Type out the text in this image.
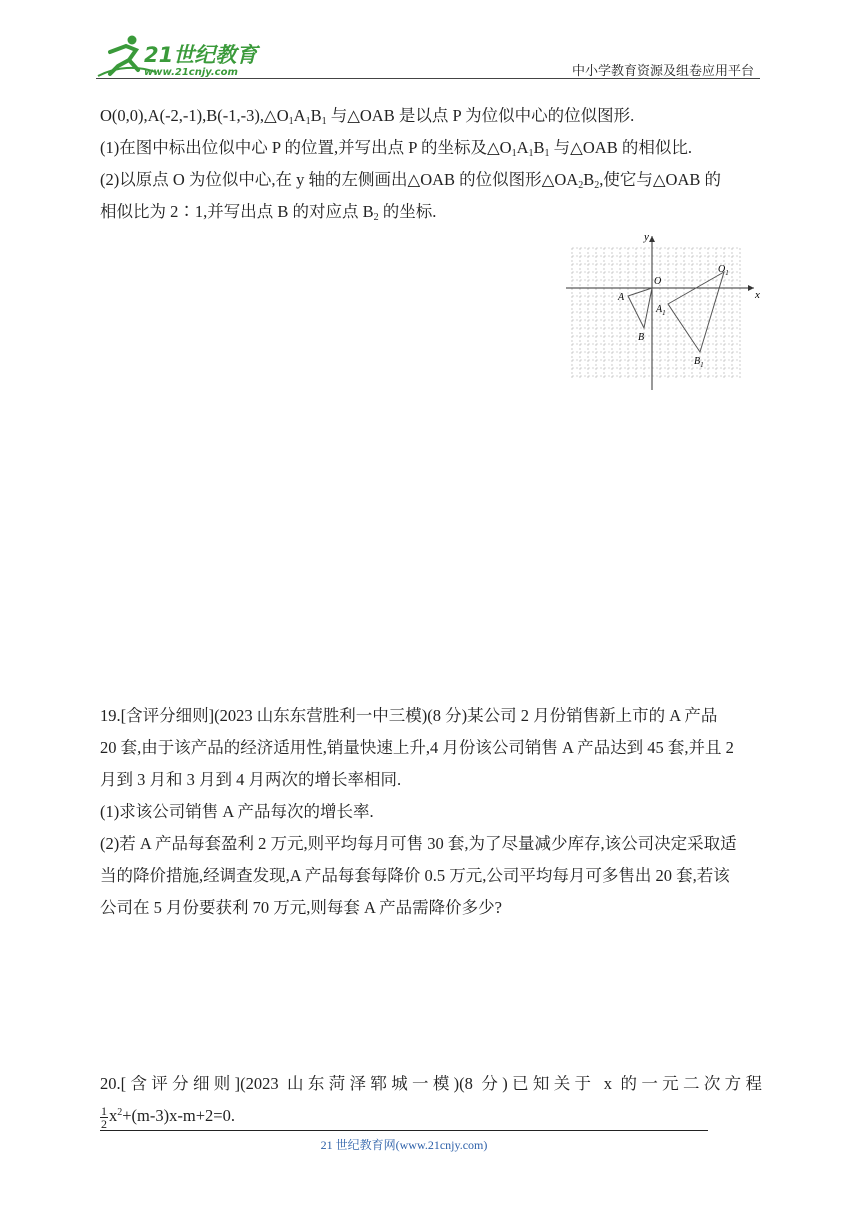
21世纪教育
www.21cnjy.com	中小学教育资源及组卷应用平台
$O(0,0),A(-2,-1),B(-1,-3),\triangle O_1A_1B_1$ 与△OAB 是以点 P 为位似中心的位似图形.
(1)在图中标出位似中心 P 的位置,并写出点 P 的坐标及$\triangle O_1A_1B_1$ 与△OAB 的相似比.
(2)以原点 O 为位似中心,在 y 轴的左侧画出△OAB 的位似图形$\triangle OA_2B_2$,使它与△OAB 的
相似比为 2∶1,并写出点 B 的对应点 $B_2$ 的坐标.
x
y
O
A
B
$O_1$
$A_1$
$B_1$
19.[含评分细则](2023 山东东营胜利一中三模)(8 分)某公司 2 月份销售新上市的 A 产品
20 套,由于该产品的经济适用性,销量快速上升,4 月份该公司销售 A 产品达到 45 套,并且 2
月到 3 月和 3 月到 4 月两次的增长率相同.
(1)求该公司销售 A 产品每次的增长率.
(2)若 A 产品每套盈利 2 万元,则平均每月可售 30 套,为了尽量减少库存,该公司决定采取适
当的降价措施,经调查发现,A 产品每套每降价 0.5 万元,公司平均每月可多售出 20 套,若该
公司在 5 月份要获利 70 万元,则每套 A 产品需降价多少?
20.[含评分细则](2023 山东菏泽郓城一模)(8 分)已知关于 x 的一元二次方程
$\frac{1}{2} x^2+(m-3)x-m+2=0$.
21 世纪教育网(www.21cnjy.com)
